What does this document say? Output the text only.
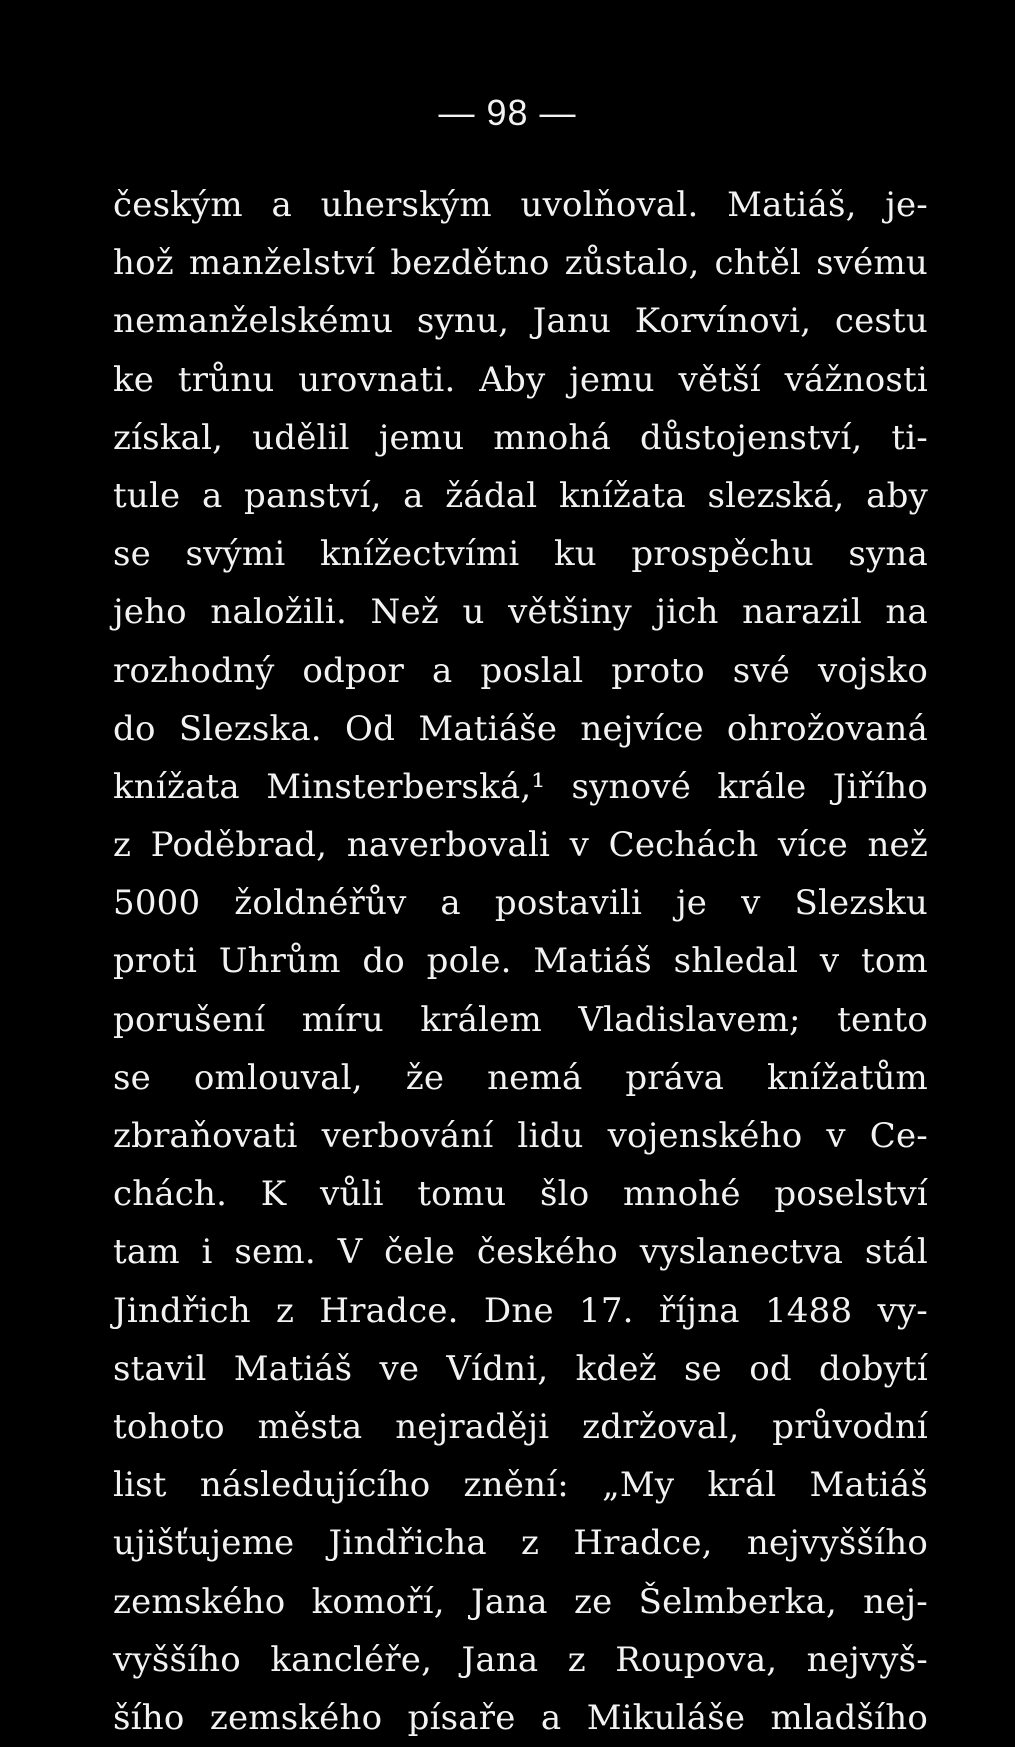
— 98 —
českým a uherským uvolňoval. Matiáš, je-
hož manželství bezdětno zůstalo, chtěl svému
nemanželskému synu, Janu Korvínovi, cestu
ke trůnu urovnati. Aby jemu větší vážnosti
získal, udělil jemu mnohá důstojenství, ti-
tule a panství, a žádal knížata slezská, aby
se svými knížectvími ku prospěchu syna
jeho naložili. Než u většiny jich narazil na
rozhodný odpor a poslal proto své vojsko
do Slezska. Od Matiáše nejvíce ohrožovaná
knížata Minsterberská,¹ synové krále Jiřího
z Poděbrad, naverbovali v Cechách více než
5000 žoldnéřův a postavili je v Slezsku
proti Uhrům do pole. Matiáš shledal v tom
porušení míru králem Vladislavem; tento
se omlouval, že nemá práva knížatům
zbraňovati verbování lidu vojenského v Ce-
chách. K vůli tomu šlo mnohé poselství
tam i sem. V čele českého vyslanectva stál
Jindřich z Hradce. Dne 17. října 1488 vy-
stavil Matiáš ve Vídni, kdež se od dobytí
tohoto města nejraději zdržoval, průvodní
list následujícího znění: „My král Matiáš
ujišťujeme Jindřicha z Hradce, nejvyššího
zemského komoří, Jana ze Šelmberka, nej-
vyššího kancléře, Jana z Roupova, nejvyš-
šího zemského písaře a Mikuláše mladšího
